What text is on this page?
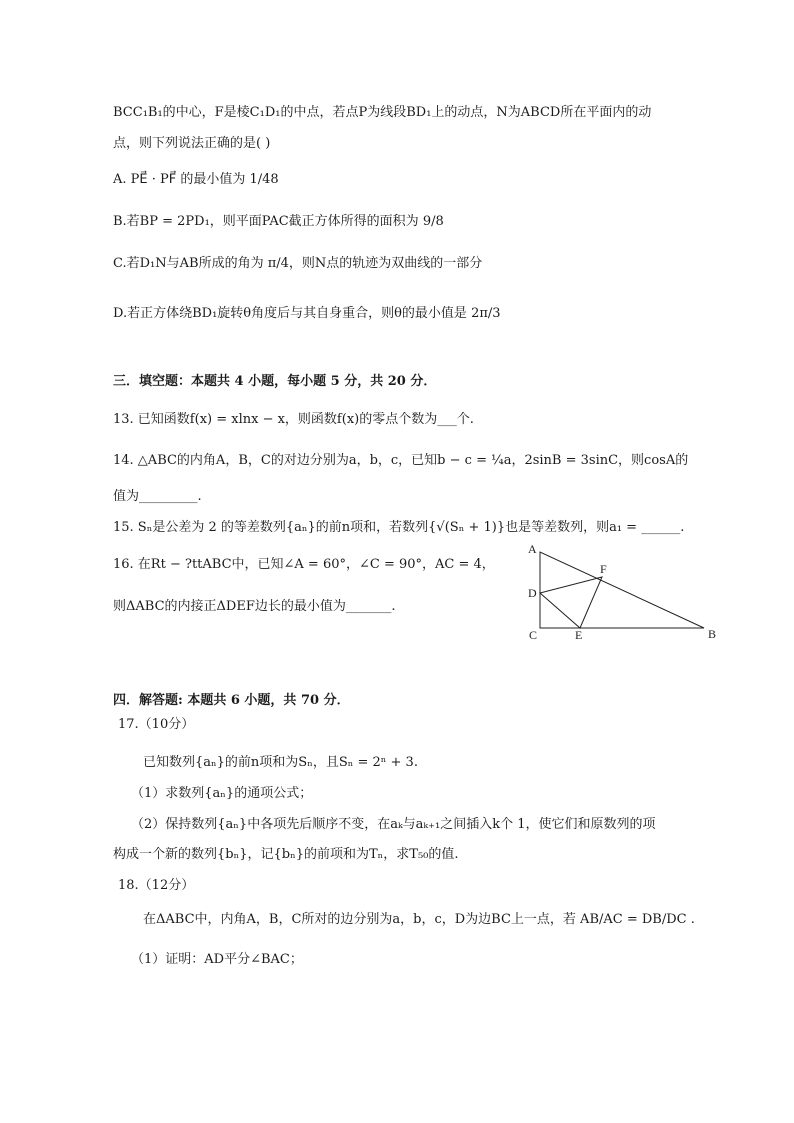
BCC₁B₁的中心，F是棱C₁D₁的中点，若点P为线段BD₁上的动点，N为ABCD所在平面内的动
点，则下列说法正确的是( )
A. PE⃗ · PF⃗ 的最小值为 1/48
B.若BP = 2PD₁，则平面PAC截正方体所得的面积为 9/8
C.若D₁N与AB所成的角为 π/4，则N点的轨迹为双曲线的一部分
D.若正方体绕BD₁旋转θ角度后与其自身重合，则θ的最小值是 2π/3
三．填空题：本题共 4 小题，每小题 5 分，共 20 分．
13. 已知函数f(x) = xlnx − x，则函数f(x)的零点个数为___个.
14. △ABC的内角A，B，C的对边分别为a，b，c，已知b − c = ¼a，2sinB = 3sinC，则cosA的
值为_________.
15. Sₙ是公差为 2 的等差数列{aₙ}的前n项和，若数列{√(Sₙ + 1)}也是等差数列，则a₁ = ______.
16. 在Rt − ?ttABC中，已知∠A = 60°，∠C = 90°，AC = 4，
则ΔABC的内接正ΔDEF边长的最小值为_______.
A
D
C	E
F
B
四．解答题: 本题共 6 小题，共 70 分．
17.（10分）
已知数列{aₙ}的前n项和为Sₙ，且Sₙ = 2ⁿ + 3.
（1）求数列{aₙ}的通项公式；
（2）保持数列{aₙ}中各项先后顺序不变，在aₖ与aₖ₊₁之间插入k个 1，使它们和原数列的项
构成一个新的数列{bₙ}，记{bₙ}的前项和为Tₙ，求T₅₀的值.
18.（12分）
在ΔABC中，内角A，B，C所对的边分别为a，b，c，D为边BC上一点，若 AB/AC = DB/DC .
（1）证明：AD平分∠BAC；
